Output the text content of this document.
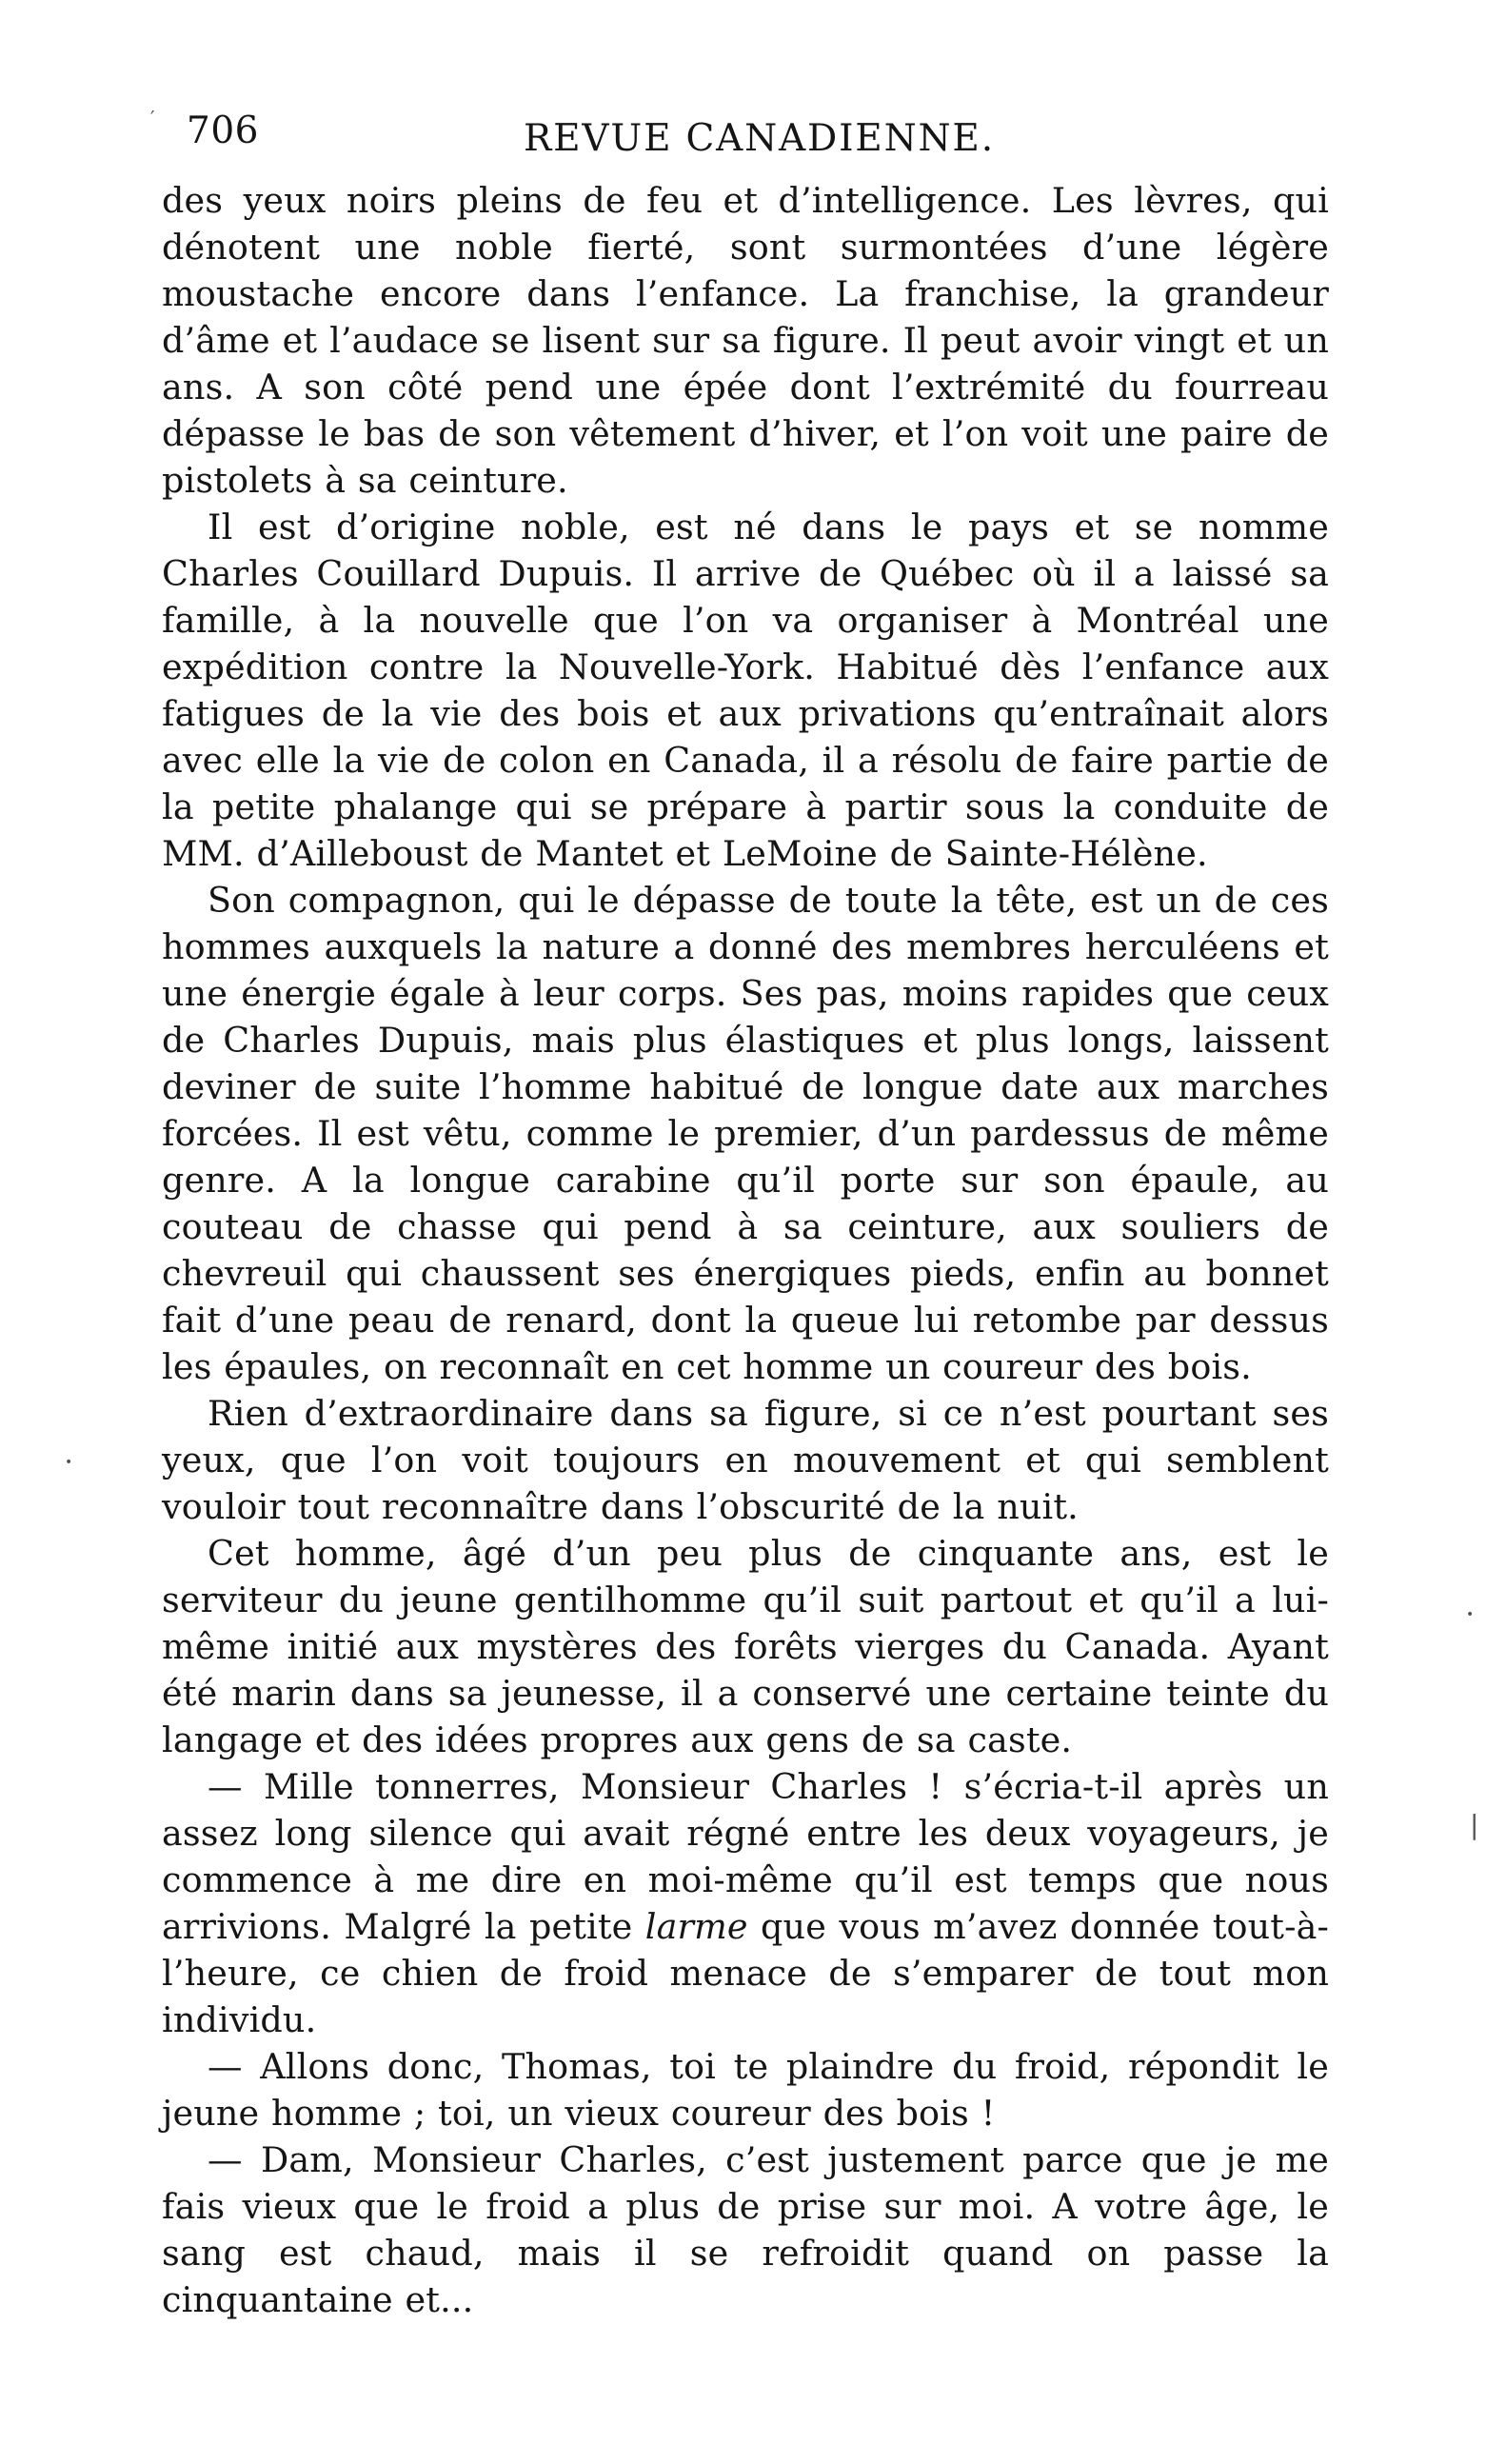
′
•
•
|
706	REVUE CANADIENNE.

des yeux noirs pleins de feu et d’intelligence. Les lèvres, qui dénotent une noble fierté, sont surmontées d’une légère moustache encore dans l’enfance. La franchise, la grandeur d’âme et l’audace se lisent sur sa figure. Il peut avoir vingt et un ans. A son côté pend une épée dont l’extrémité du fourreau dépasse le bas de son vêtement d’hiver, et l’on voit une paire de pistolets à sa ceinture.

Il est d’origine noble, est né dans le pays et se nomme Charles Couillard Dupuis. Il arrive de Québec où il a laissé sa famille, à la nouvelle que l’on va organiser à Montréal une expédition contre la Nouvelle-York. Habitué dès l’enfance aux fatigues de la vie des bois et aux privations qu’entraînait alors avec elle la vie de colon en Canada, il a résolu de faire partie de la petite phalange qui se prépare à partir sous la conduite de MM. d’Ailleboust de Mantet et LeMoine de Sainte-Hélène.

Son compagnon, qui le dépasse de toute la tête, est un de ces hommes auxquels la nature a donné des membres herculéens et une énergie égale à leur corps. Ses pas, moins rapides que ceux de Charles Dupuis, mais plus élastiques et plus longs, laissent deviner de suite l’homme habitué de longue date aux marches forcées. Il est vêtu, comme le premier, d’un pardessus de même genre. A la longue carabine qu’il porte sur son épaule, au couteau de chasse qui pend à sa ceinture, aux souliers de chevreuil qui chaussent ses énergiques pieds, enfin au bonnet fait d’une peau de renard, dont la queue lui retombe par dessus les épaules, on reconnaît en cet homme un coureur des bois.

Rien d’extraordinaire dans sa figure, si ce n’est pourtant ses yeux, que l’on voit toujours en mouvement et qui semblent vouloir tout reconnaître dans l’obscurité de la nuit.

Cet homme, âgé d’un peu plus de cinquante ans, est le serviteur du jeune gentilhomme qu’il suit partout et qu’il a lui-même initié aux mystères des forêts vierges du Canada. Ayant été marin dans sa jeunesse, il a conservé une certaine teinte du langage et des idées propres aux gens de sa caste.

— Mille tonnerres, Monsieur Charles ! s’écria-t-il après un assez long silence qui avait régné entre les deux voyageurs, je commence à me dire en moi-même qu’il est temps que nous arrivions. Malgré la petite larme que vous m’avez donnée tout-à-l’heure, ce chien de froid menace de s’emparer de tout mon individu.

— Allons donc, Thomas, toi te plaindre du froid, répondit le jeune homme ; toi, un vieux coureur des bois !

— Dam, Monsieur Charles, c’est justement parce que je me fais vieux que le froid a plus de prise sur moi. A votre âge, le sang est chaud, mais il se refroidit quand on passe la cinquantaine et...
